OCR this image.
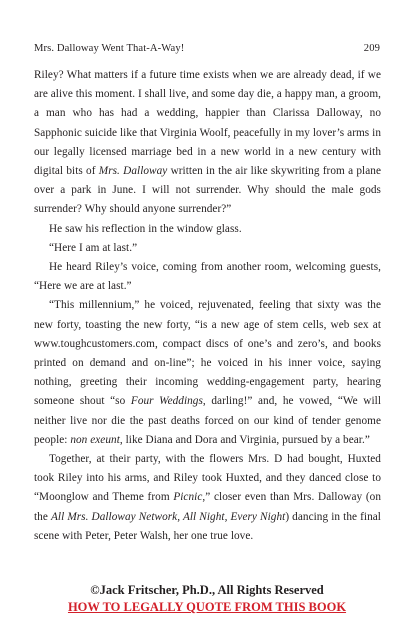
Mrs. Dalloway Went That-A-Way!	209

Riley? What matters if a future time exists when we are already dead, if we are alive this moment. I shall live, and some day die, a happy man, a groom, a man who has had a wedding, happier than Clarissa Dalloway, no Sapphonic suicide like that Virginia Woolf, peacefully in my lover’s arms in our legally licensed marriage bed in a new world in a new century with digital bits of Mrs. Dalloway written in the air like skywriting from a plane over a park in June. I will not surrender. Why should the male gods surrender? Why should anyone surrender?”

He saw his reflection in the window glass.

“Here I am at last.”

He heard Riley’s voice, coming from another room, welcoming guests, “Here we are at last.”

“This millennium,” he voiced, rejuvenated, feeling that sixty was the new forty, toasting the new forty, “is a new age of stem cells, web sex at www.toughcustomers.com, compact discs of one’s and zero’s, and books printed on demand and on-line”; he voiced in his inner voice, saying nothing, greeting their incoming wedding-engagement party, hearing someone shout “so Four Weddings, darling!” and, he vowed, “We will neither live nor die the past deaths forced on our kind of tender genome people: non exeunt, like Diana and Dora and Virginia, pursued by a bear.”

Together, at their party, with the flowers Mrs. D had bought, Huxted took Riley into his arms, and Riley took Huxted, and they danced close to “Moonglow and Theme from Picnic,” closer even than Mrs. Dalloway (on the All Mrs. Dalloway Network, All Night, Every Night) dancing in the final scene with Peter, Peter Walsh, her one true love.

©Jack Fritscher, Ph.D., All Rights Reserved
HOW TO LEGALLY QUOTE FROM THIS BOOK
